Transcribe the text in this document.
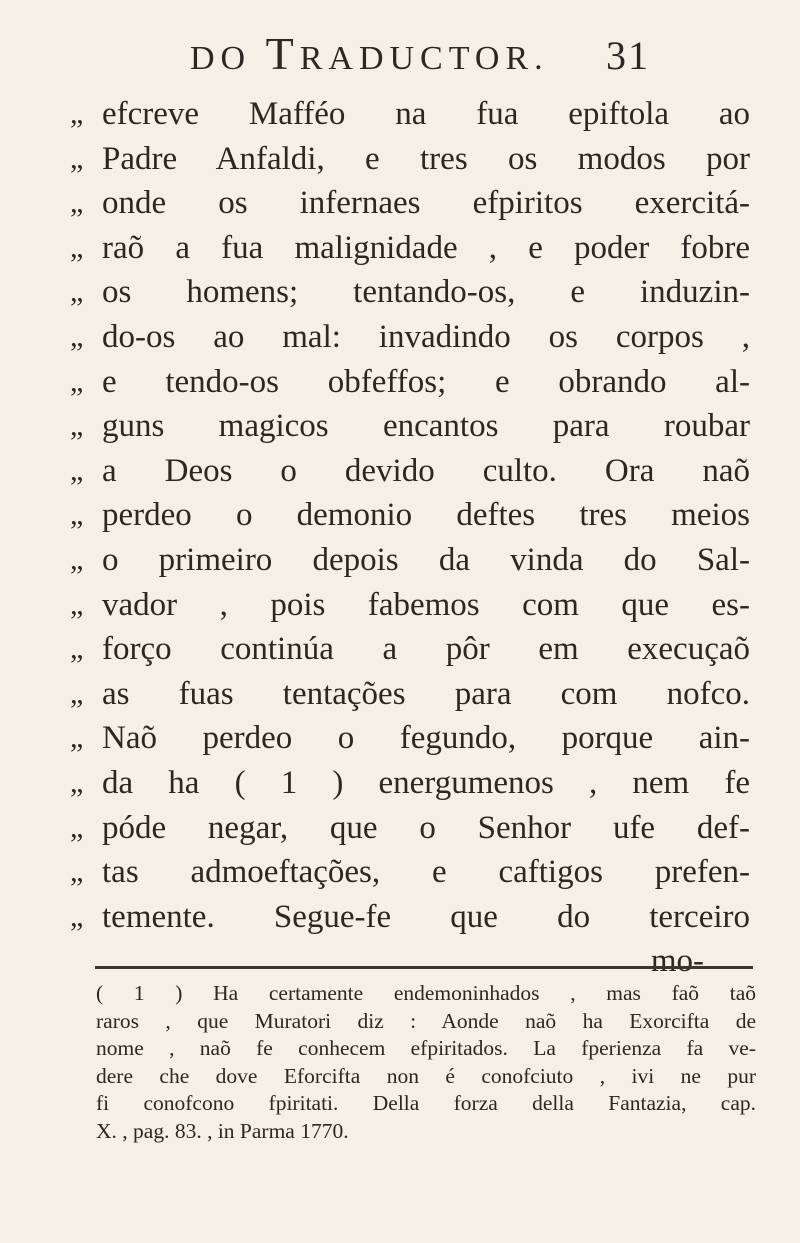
DO TRADUCTOR. 31
„ efcreve Mafféo na fua epiftola ao
„ Padre Anfaldi, e tres os modos por
„ onde os infernaes efpiritos exercitá-
„ raõ a fua malignidade , e poder fobre
„ os homens; tentando-os, e induzin-
„ do-os ao mal: invadindo os corpos ,
„ e tendo-os obfeffos; e obrando al-
„ guns magicos encantos para roubar
„ a Deos o devido culto. Ora naõ
„ perdeo o demonio deftes tres meios
„ o primeiro depois da vinda do Sal-
„ vador , pois fabemos com que es-
„ forço continúa a pôr em execuçaõ
„ as fuas tentações para com nofco.
„ Naõ perdeo o fegundo, porque ain-
„ da ha ( 1 ) energumenos , nem fe
„ póde negar, que o Senhor ufe def-
„ tas admoeftações, e caftigos prefen-
„ temente. Segue-fe que do terceiro
mo-
( 1 ) Ha certamente endemoninhados , mas faõ taõ
raros , que Muratori diz : Aonde naõ ha Exorcifta de
nome , naõ fe conhecem efpiritados. La fperienza fa ve-
dere che dove Eforcifta non é conofciuto , ivi ne pur
fi conofcono fpiritati. Della forza della Fantazia, cap.
X. , pag. 83. , in Parma 1770.
